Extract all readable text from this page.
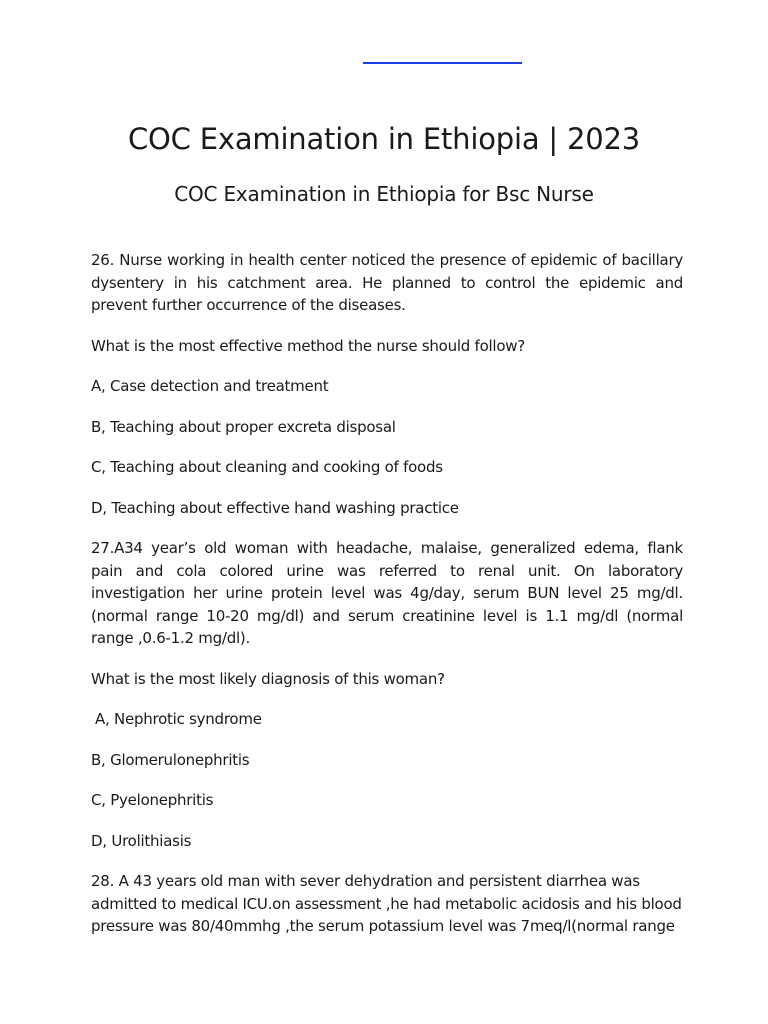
COC Examination in Ethiopia | 2023
COC Examination in Ethiopia for Bsc Nurse

26. Nurse working in health center noticed the presence of epidemic of bacillary dysentery in his catchment area. He planned to control the epidemic and prevent further occurrence of the diseases.

What is the most effective method the nurse should follow?

A, Case detection and treatment

B, Teaching about proper excreta disposal

C, Teaching about cleaning and cooking of foods

D, Teaching about effective hand washing practice

27.A34 year’s old woman with headache, malaise, generalized edema, flank pain and cola colored urine was referred to renal unit. On laboratory investigation her urine protein level was 4g/day, serum BUN level 25 mg/dl.(normal range 10-20 mg/dl) and serum creatinine level is 1.1 mg/dl (normal range ,0.6-1.2 mg/dl).

What is the most likely diagnosis of this woman?

A, Nephrotic syndrome

B, Glomerulonephritis

C, Pyelonephritis

D, Urolithiasis

28. A 43 years old man with sever dehydration and persistent diarrhea was admitted to medical ICU.on assessment ,he had metabolic acidosis and his blood pressure was 80/40mmhg ,the serum potassium level was 7meq/l(normal range
